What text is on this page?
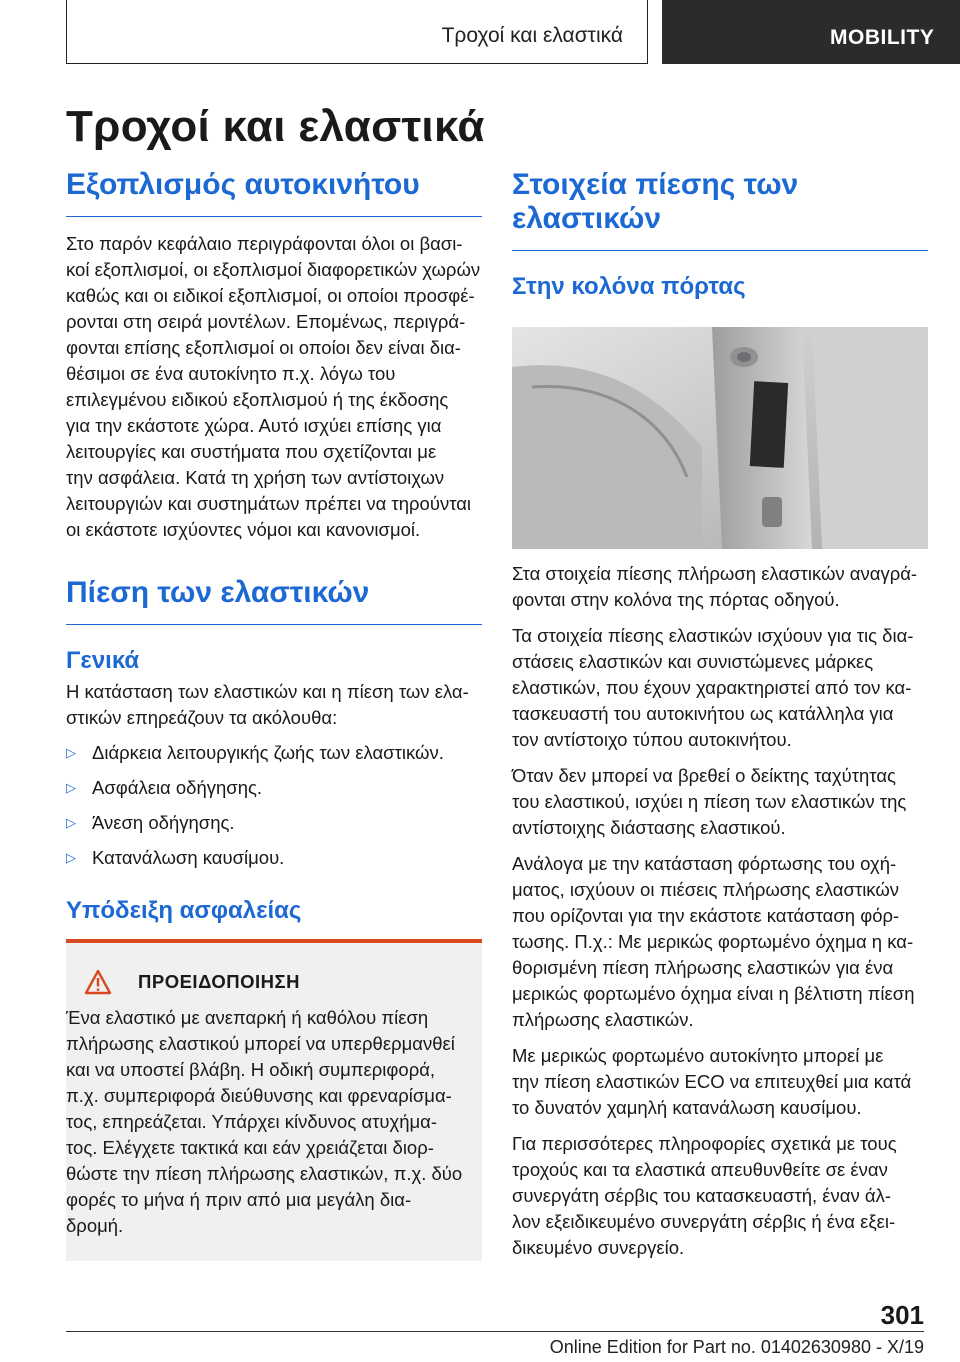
Τροχοί και ελαστικά	MOBILITY
Τροχοί και ελαστικά
Εξοπλισμός αυτοκινήτου

Στο παρόν κεφάλαιο περιγράφονται όλοι οι βασι-
κοί εξοπλισμοί, οι εξοπλισμοί διαφορετικών χωρών
καθώς και οι ειδικοί εξοπλισμοί, οι οποίοι προσφέ-
ρονται στη σειρά μοντέλων. Επομένως, περιγρά-
φονται επίσης εξοπλισμοί οι οποίοι δεν είναι δια-
θέσιμοι σε ένα αυτοκίνητο π.χ. λόγω του
επιλεγμένου ειδικού εξοπλισμού ή της έκδοσης
για την εκάστοτε χώρα. Αυτό ισχύει επίσης για
λειτουργίες και συστήματα που σχετίζονται με
την ασφάλεια. Κατά τη χρήση των αντίστοιχων
λειτουργιών και συστημάτων πρέπει να τηρούνται
οι εκάστοτε ισχύοντες νόμοι και κανονισμοί.

Πίεση των ελαστικών
Γενικά

Η κατάσταση των ελαστικών και η πίεση των ελα-
στικών επηρεάζουν τα ακόλουθα:

▷ Διάρκεια λειτουργικής ζωής των ελαστικών.
▷ Ασφάλεια οδήγησης.
▷ Άνεση οδήγησης.
▷ Κατανάλωση καυσίμου.
Υπόδειξη ασφαλείας
ΠΡΟΕΙΔΟΠΟΙΗΣΗ

Ένα ελαστικό με ανεπαρκή ή καθόλου πίεση
πλήρωσης ελαστικού μπορεί να υπερθερμανθεί
και να υποστεί βλάβη. Η οδική συμπεριφορά,
π.χ. συμπεριφορά διεύθυνσης και φρεναρίσμα-
τος, επηρεάζεται. Υπάρχει κίνδυνος ατυχήμα-
τος. Ελέγχετε τακτικά και εάν χρειάζεται διορ-
θώστε την πίεση πλήρωσης ελαστικών, π.χ. δύο
φορές το μήνα ή πριν από μια μεγάλη δια-
δρομή.

Στοιχεία πίεσης των ελαστικών
Στην κολόνα πόρτας

Στα στοιχεία πίεσης πλήρωση ελαστικών αναγρά-
φονται στην κολόνα της πόρτας οδηγού.

Τα στοιχεία πίεσης ελαστικών ισχύουν για τις δια-
στάσεις ελαστικών και συνιστώμενες μάρκες
ελαστικών, που έχουν χαρακτηριστεί από τον κα-
τασκευαστή του αυτοκινήτου ως κατάλληλα για
τον αντίστοιχο τύπου αυτοκινήτου.

Όταν δεν μπορεί να βρεθεί ο δείκτης ταχύτητας
του ελαστικού, ισχύει η πίεση των ελαστικών της
αντίστοιχης διάστασης ελαστικού.

Ανάλογα με την κατάσταση φόρτωσης του οχή-
ματος, ισχύουν οι πιέσεις πλήρωσης ελαστικών
που ορίζονται για την εκάστοτε κατάσταση φόρ-
τωσης. Π.χ.: Με μερικώς φορτωμένο όχημα η κα-
θορισμένη πίεση πλήρωσης ελαστικών για ένα
μερικώς φορτωμένο όχημα είναι η βέλτιστη πίεση
πλήρωσης ελαστικών.

Με μερικώς φορτωμένο αυτοκίνητο μπορεί με
την πίεση ελαστικών ECO να επιτευχθεί μια κατά
το δυνατόν χαμηλή κατανάλωση καυσίμου.

Για περισσότερες πληροφορίες σχετικά με τους
τροχούς και τα ελαστικά απευθυνθείτε σε έναν
συνεργάτη σέρβις του κατασκευαστή, έναν άλ-
λον εξειδικευμένο συνεργάτη σέρβις ή ένα εξει-
δικευμένο συνεργείο.

301
Online Edition for Part no. 01402630980 - X/19
